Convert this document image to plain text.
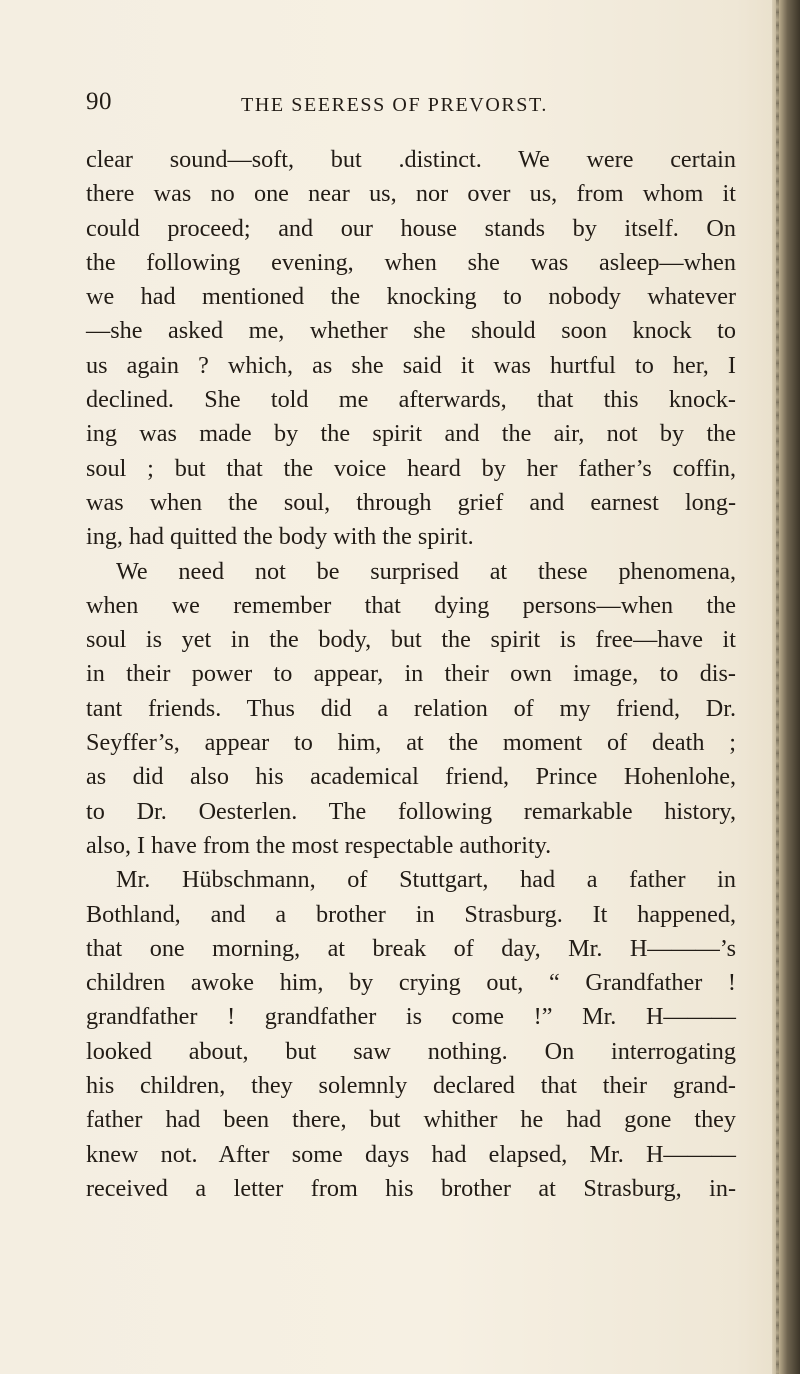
90	THE SEERESS OF PREVORST.
clear sound—soft, but .distinct. We were certain
there was no one near us, nor over us, from whom it
could proceed; and our house stands by itself. On
the following evening, when she was asleep—when
we had mentioned the knocking to nobody whatever
—she asked me, whether she should soon knock to
us again ? which, as she said it was hurtful to her, I
declined. She told me afterwards, that this knock-
ing was made by the spirit and the air, not by the
soul ; but that the voice heard by her father’s coffin,
was when the soul, through grief and earnest long-
ing, had quitted the body with the spirit.
We need not be surprised at these phenomena,
when we remember that dying persons—when the
soul is yet in the body, but the spirit is free—have it
in their power to appear, in their own image, to dis-
tant friends. Thus did a relation of my friend, Dr.
Seyffer’s, appear to him, at the moment of death ;
as did also his academical friend, Prince Hohenlohe,
to Dr. Oesterlen. The following remarkable history,
also, I have from the most respectable authority.
Mr. Hübschmann, of Stuttgart, had a father in
Bothland, and a brother in Strasburg. It happened,
that one morning, at break of day, Mr. H———’s
children awoke him, by crying out, “ Grandfather !
grandfather ! grandfather is come !” Mr. H———
looked about, but saw nothing. On interrogating
his children, they solemnly declared that their grand-
father had been there, but whither he had gone they
knew not. After some days had elapsed, Mr. H———
received a letter from his brother at Strasburg, in-
